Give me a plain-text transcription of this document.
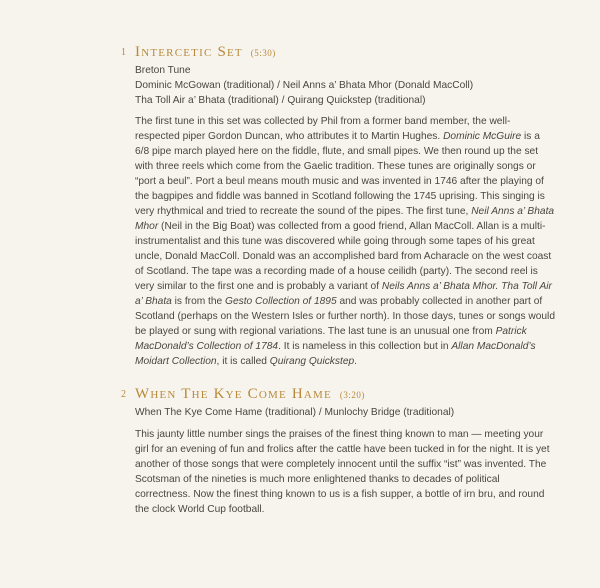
1 Intercetic Set (5:30)
Breton Tune
Dominic McGowan (traditional) / Neil Anns a’ Bhata Mhor (Donald MacColl)
Tha Toll Air a’ Bhata (traditional) / Quirang Quickstep (traditional)

The first tune in this set was collected by Phil from a former band member, the well-respected piper Gordon Duncan, who attributes it to Martin Hughes. Dominic McGuire is a 6/8 pipe march played here on the fiddle, flute, and small pipes. We then round up the set with three reels which come from the Gaelic tradition. These tunes are originally songs or “port a beul”. Port a beul means mouth music and was invented in 1746 after the playing of the bagpipes and fiddle was banned in Scotland following the 1745 uprising. This singing is very rhythmical and tried to recreate the sound of the pipes. The first tune, Neil Anns a’ Bhata Mhor (Neil in the Big Boat) was collected from a good friend, Allan MacColl. Allan is a multi-instrumentalist and this tune was discovered while going through some tapes of his great uncle, Donald MacColl. Donald was an accomplished bard from Acharacle on the west coast of Scotland. The tape was a recording made of a house ceilidh (party). The second reel is very similar to the first one and is probably a variant of Neils Anns a’ Bhata Mhor. Tha Toll Air a’ Bhata is from the Gesto Collection of 1895 and was probably collected in another part of Scotland (perhaps on the Western Isles or further north). In those days, tunes or songs would be played or sung with regional variations. The last tune is an unusual one from Patrick MacDonald’s Collection of 1784. It is nameless in this collection but in Allan MacDonald’s Moidart Collection, it is called Quirang Quickstep.

2 When The Kye Come Hame (3:20)
When The Kye Come Hame (traditional) / Munlochy Bridge (traditional)

This jaunty little number sings the praises of the finest thing known to man — meeting your girl for an evening of fun and frolics after the cattle have been tucked in for the night. It is yet another of those songs that were completely innocent until the suffix “ist” was invented. The Scotsman of the nineties is much more enlightened thanks to decades of political correctness. Now the finest thing known to us is a fish supper, a bottle of irn bru, and round the clock World Cup football.
